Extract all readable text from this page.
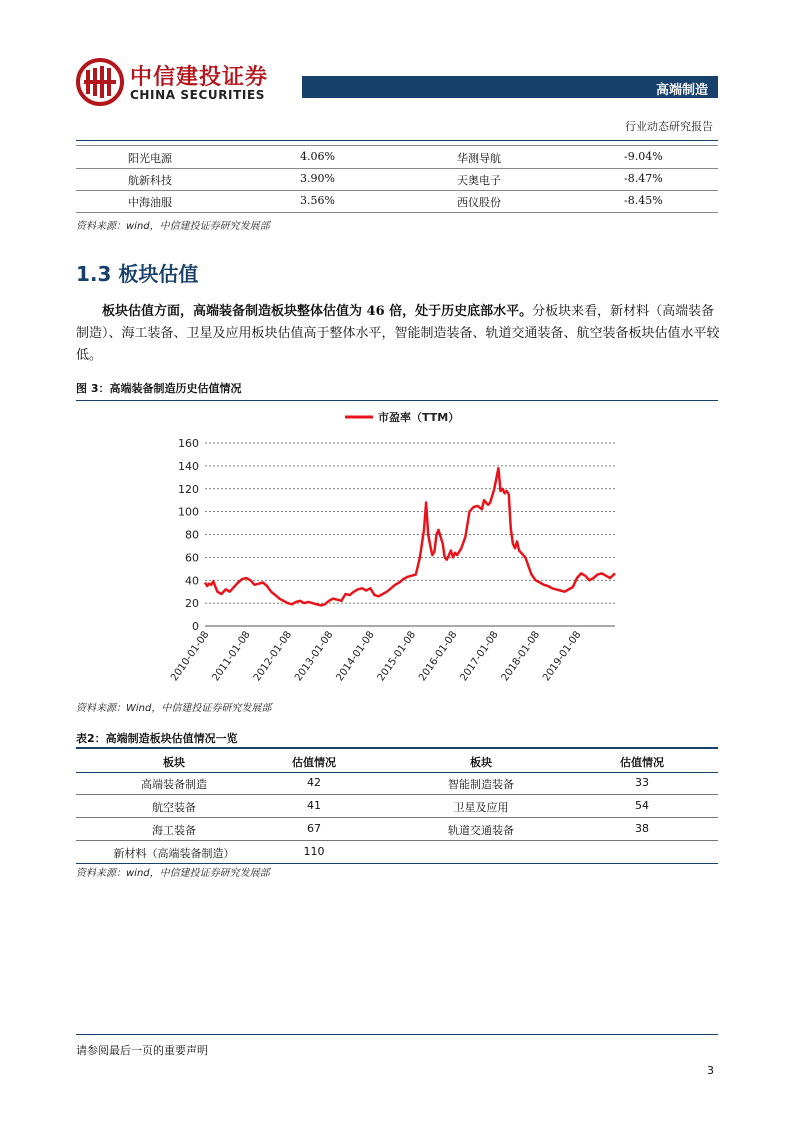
中信建投证券
CHINA SECURITIES	高端制造
行业动态研究报告
阳光电源	4.06%	华测导航	-9.04%
航新科技	3.90%	天奥电子	-8.47%
中海油服	3.56%	西仪股份	-8.45%
资料来源：wind，中信建投证券研究发展部
1.3 板块估值
板块估值方面，高端装备制造板块整体估值为 46 倍，处于历史底部水平。分板块来看，新材料（高端装备制造）、海工装备、卫星及应用板块估值高于整体水平，智能制造装备、轨道交通装备、航空装备板块估值水平较低。
图 3：高端装备制造历史估值情况
0
20
40
60
80
100
120
140
160
2010-01-08
2011-01-08
2012-01-08
2013-01-08
2014-01-08
2015-01-08
2016-01-08
2017-01-08
2018-01-08
2019-01-08
市盈率（TTM）
资料来源：Wind，中信建投证券研究发展部
表2：高端制造板块估值情况一览
板块	估值情况	板块	估值情况
高端装备制造	42	智能制造装备	33
航空装备	41	卫星及应用	54
海工装备	67	轨道交通装备	38
新材料（高端装备制造）	110
资料来源：wind，中信建投证券研究发展部
请参阅最后一页的重要声明
3
